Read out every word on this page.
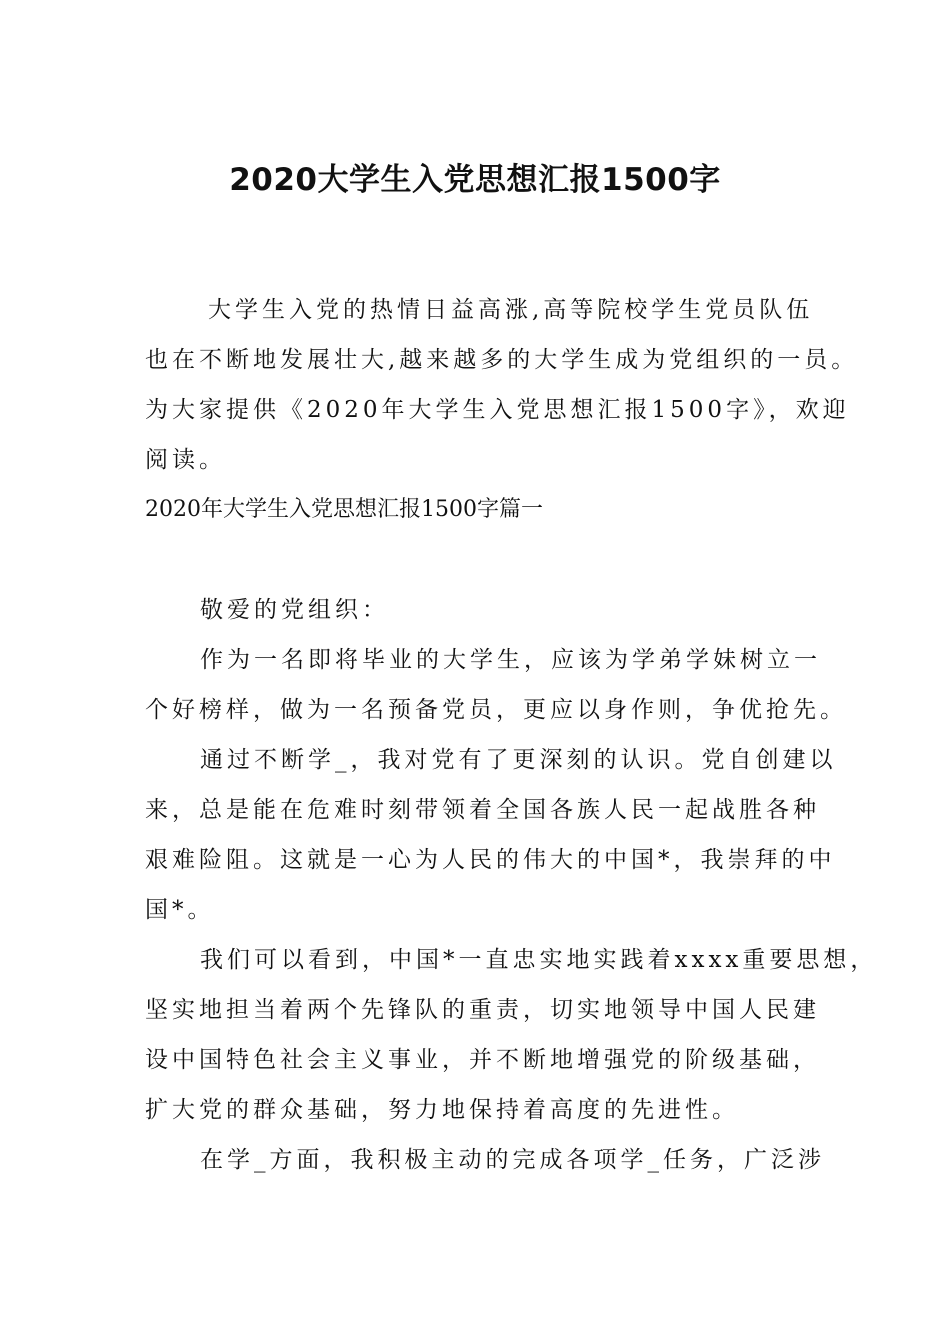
2020大学生入党思想汇报1500字

大学生入党的热情日益高涨,高等院校学生党员队伍

也在不断地发展壮大,越来越多的大学生成为党组织的一员。

为大家提供《2020年大学生入党思想汇报1500字》，欢迎

阅读。

2020年大学生入党思想汇报1500字篇一

敬爱的党组织：

作为一名即将毕业的大学生，应该为学弟学妹树立一

个好榜样，做为一名预备党员，更应以身作则，争优抢先。

通过不断学_，我对党有了更深刻的认识。党自创建以

来，总是能在危难时刻带领着全国各族人民一起战胜各种

艰难险阻。这就是一心为人民的伟大的中国*，我崇拜的中

国*。

我们可以看到，中国*一直忠实地实践着xxxx重要思想，

坚实地担当着两个先锋队的重责，切实地领导中国人民建

设中国特色社会主义事业，并不断地增强党的阶级基础，

扩大党的群众基础，努力地保持着高度的先进性。

在学_方面，我积极主动的完成各项学_任务，广泛涉
